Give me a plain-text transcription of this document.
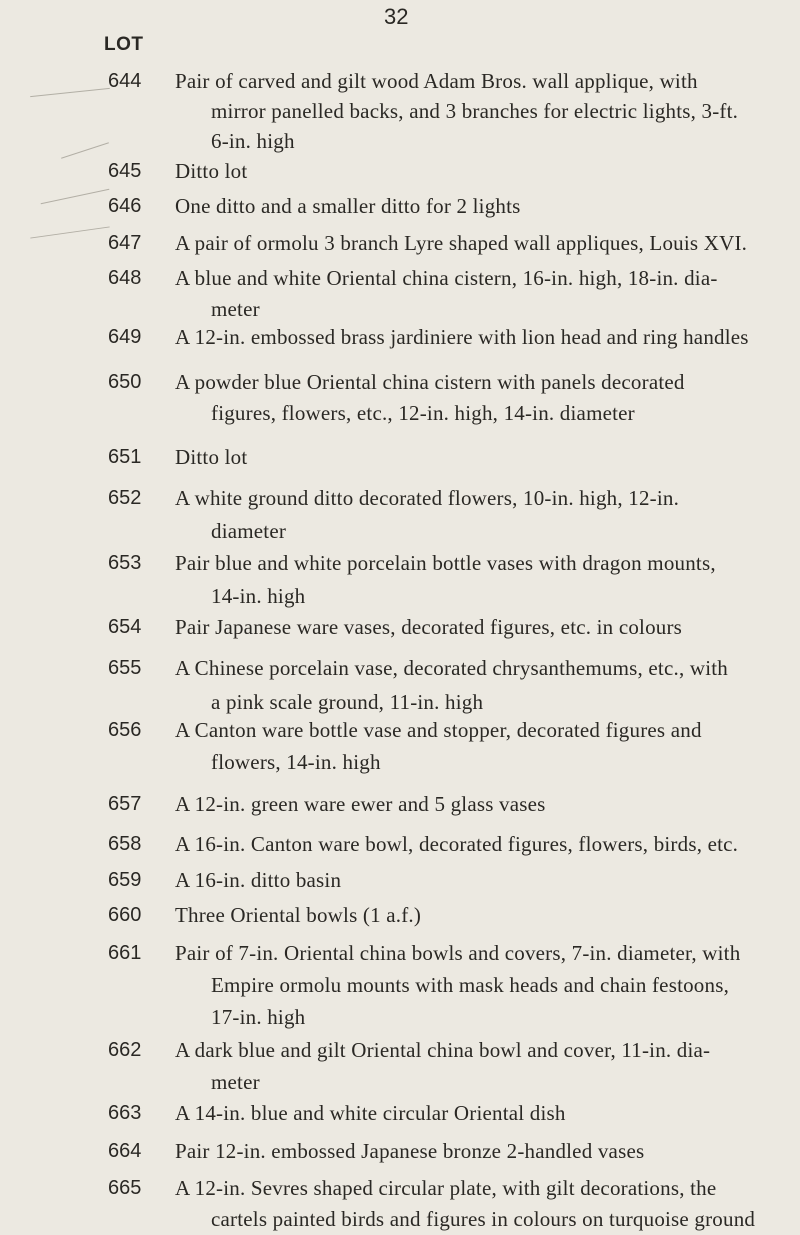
32
LOT
644	Pair of carved and gilt wood Adam Bros. wall applique, with
mirror panelled backs, and 3 branches for electric lights, 3-ft.
6-in. high
645	Ditto lot
646	One ditto and a smaller ditto for 2 lights
647	A pair of ormolu 3 branch Lyre shaped wall appliques, Louis XVI.
648	A blue and white Oriental china cistern, 16-in. high, 18-in. dia-
meter
649	A 12-in. embossed brass jardiniere with lion head and ring handles
650	A powder blue Oriental china cistern with panels decorated
figures, flowers, etc., 12-in. high, 14-in. diameter
651	Ditto lot
652	A white ground ditto decorated flowers, 10-in. high, 12-in.
diameter
653	Pair blue and white porcelain bottle vases with dragon mounts,
14-in. high
654	Pair Japanese ware vases, decorated figures, etc. in colours
655	A Chinese porcelain vase, decorated chrysanthemums, etc., with
a pink scale ground, 11-in. high
656	A Canton ware bottle vase and stopper, decorated figures and
flowers, 14-in. high
657	A 12-in. green ware ewer and 5 glass vases
658	A 16-in. Canton ware bowl, decorated figures, flowers, birds, etc.
659	A 16-in. ditto basin
660	Three Oriental bowls (1 a.f.)
661	Pair of 7-in. Oriental china bowls and covers, 7-in. diameter, with
Empire ormolu mounts with mask heads and chain festoons,
17-in. high
662	A dark blue and gilt Oriental china bowl and cover, 11-in. dia-
meter
663	A 14-in. blue and white circular Oriental dish
664	Pair 12-in. embossed Japanese bronze 2-handled vases
665	A 12-in. Sevres shaped circular plate, with gilt decorations, the
cartels painted birds and figures in colours on turquoise ground
